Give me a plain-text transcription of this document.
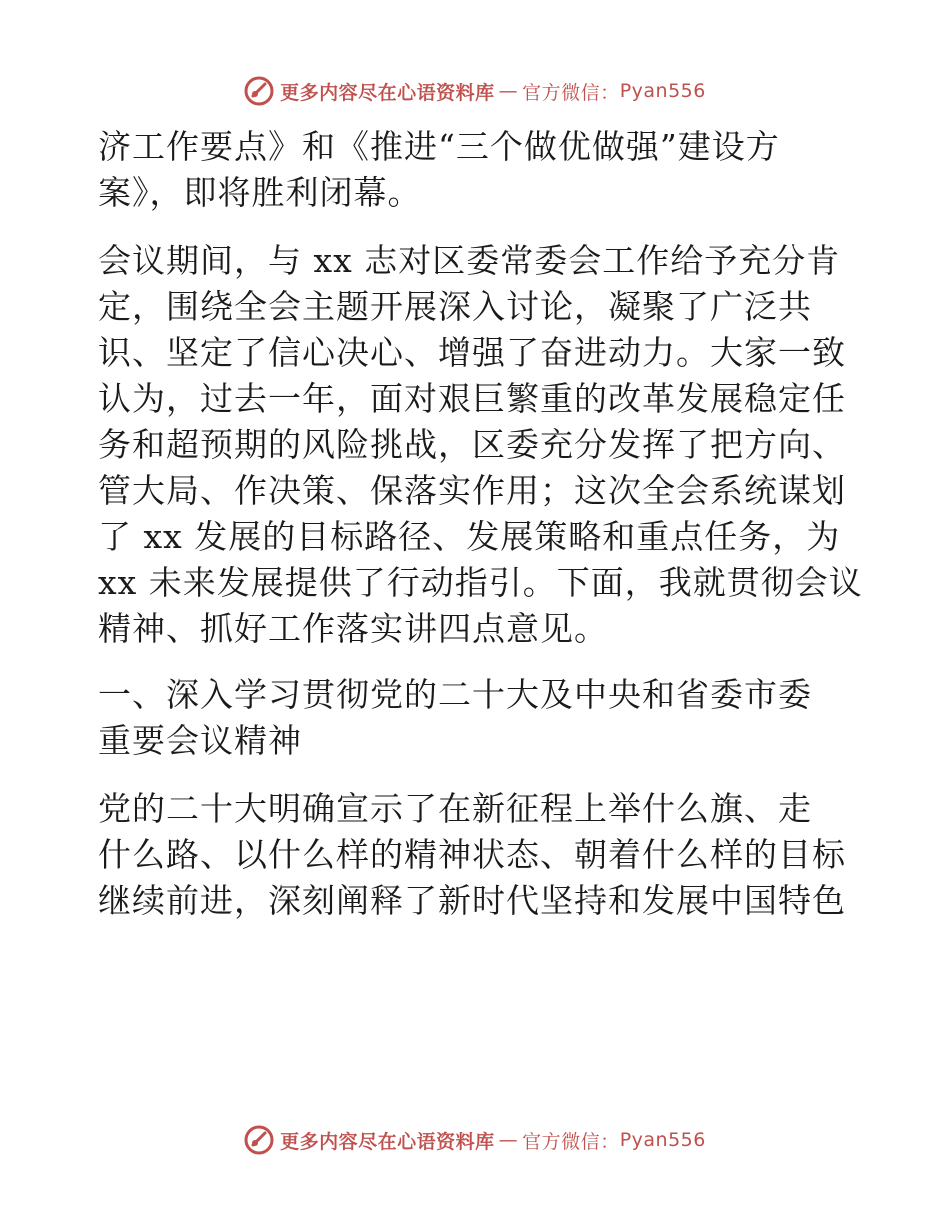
更多内容尽在心语资料库 — 官方微信： Pyan556
济工作要点》和《推进“三个做优做强”建设方
案》，即将胜利闭幕。
会议期间，与 xx 志对区委常委会工作给予充分肯
定，围绕全会主题开展深入讨论，凝聚了广泛共
识、坚定了信心决心、增强了奋进动力。大家一致
认为，过去一年，面对艰巨繁重的改革发展稳定任
务和超预期的风险挑战，区委充分发挥了把方向、
管大局、作决策、保落实作用；这次全会系统谋划
了 xx 发展的目标路径、发展策略和重点任务，为
xx 未来发展提供了行动指引。下面，我就贯彻会议
精神、抓好工作落实讲四点意见。
一、深入学习贯彻党的二十大及中央和省委市委
重要会议精神
党的二十大明确宣示了在新征程上举什么旗、走
什么路、以什么样的精神状态、朝着什么样的目标
继续前进，深刻阐释了新时代坚持和发展中国特色
更多内容尽在心语资料库 — 官方微信： Pyan556
